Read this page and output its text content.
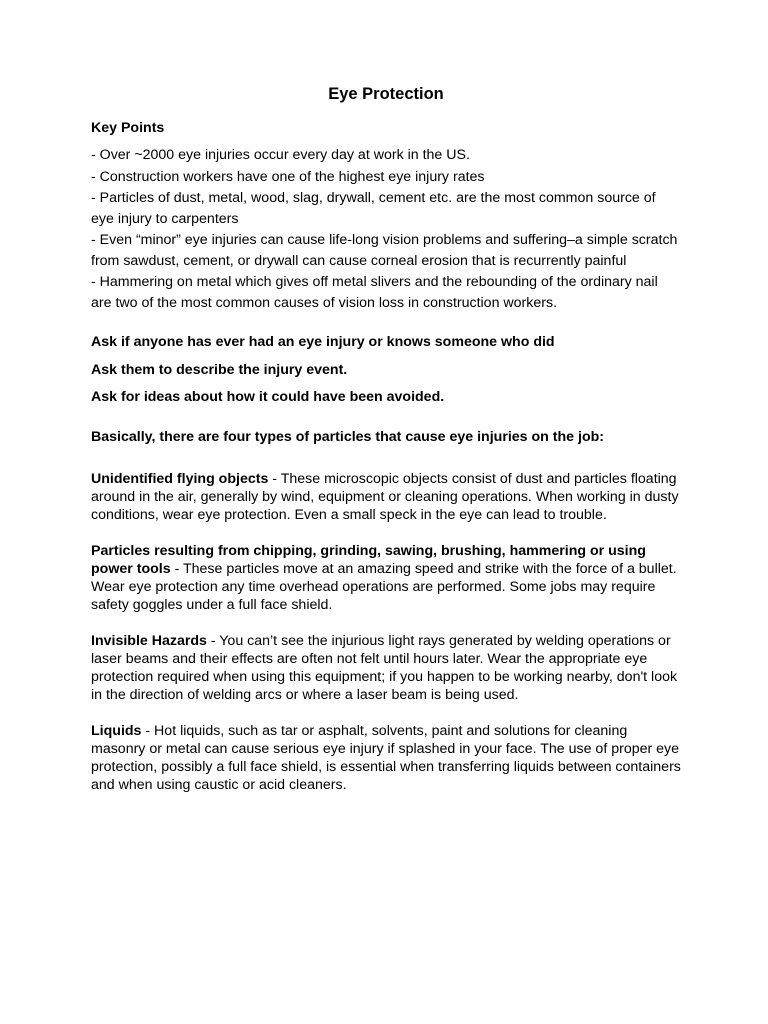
Eye Protection
Key Points
- Over ~2000 eye injuries occur every day at work in the US.
- Construction workers have one of the highest eye injury rates
- Particles of dust, metal, wood, slag, drywall, cement etc. are the most common source of eye injury to carpenters
- Even “minor” eye injuries can cause life-long vision problems and suffering–a simple scratch from sawdust, cement, or drywall can cause corneal erosion that is recurrently painful
- Hammering on metal which gives off metal slivers and the rebounding of the ordinary nail are two of the most common causes of vision loss in construction workers.
Ask if anyone has ever had an eye injury or knows someone who did
Ask them to describe the injury event.
Ask for ideas about how it could have been avoided.
Basically, there are four types of particles that cause eye injuries on the job:
Unidentified flying objects - These microscopic objects consist of dust and particles floating around in the air, generally by wind, equipment or cleaning operations. When working in dusty conditions, wear eye protection. Even a small speck in the eye can lead to trouble.
Particles resulting from chipping, grinding, sawing, brushing, hammering or using power tools - These particles move at an amazing speed and strike with the force of a bullet. Wear eye protection any time overhead operations are performed. Some jobs may require safety goggles under a full face shield.
Invisible Hazards - You can’t see the injurious light rays generated by welding operations or laser beams and their effects are often not felt until hours later. Wear the appropriate eye protection required when using this equipment; if you happen to be working nearby, don't look in the direction of welding arcs or where a laser beam is being used.
Liquids - Hot liquids, such as tar or asphalt, solvents, paint and solutions for cleaning masonry or metal can cause serious eye injury if splashed in your face. The use of proper eye protection, possibly a full face shield, is essential when transferring liquids between containers and when using caustic or acid cleaners.
